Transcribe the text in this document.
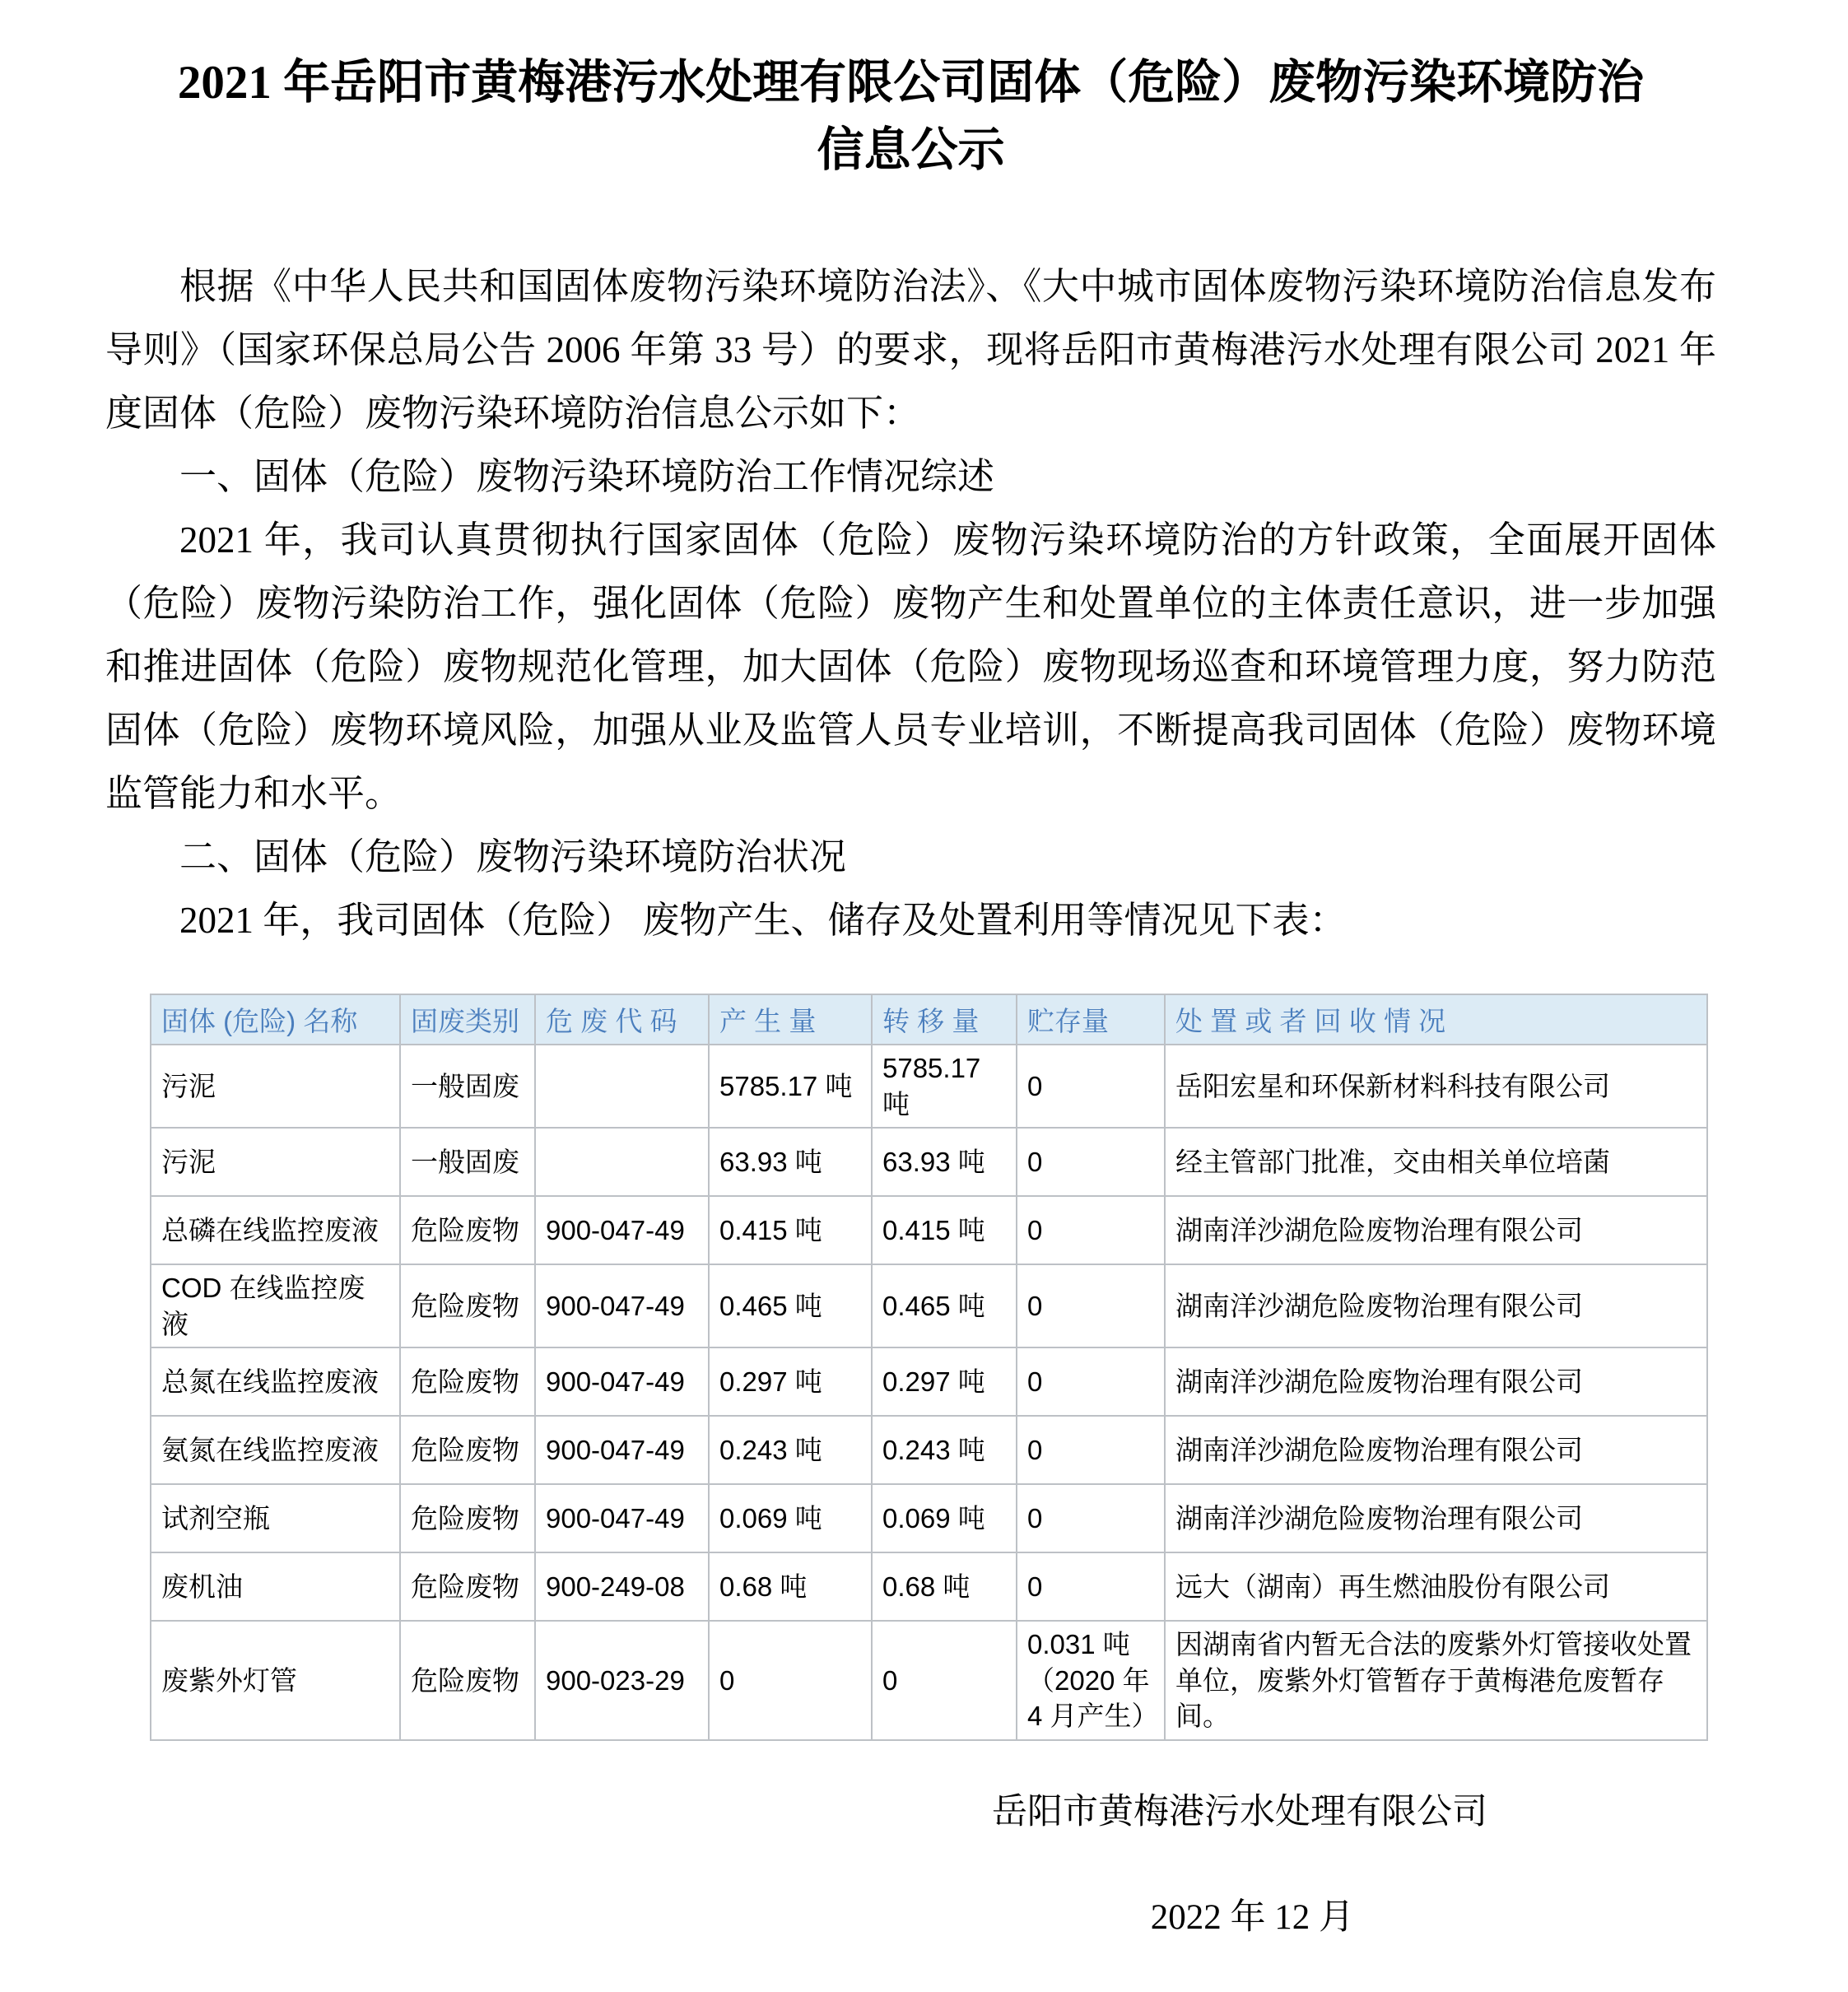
2021 年岳阳市黄梅港污水处理有限公司固体（危险）废物污染环境防治
信息公示

根据《中华人民共和国固体废物污染环境防治法》、《大中城市固体废物污染环境防治信息发布导则》（国家环保总局公告 2006 年第 33 号）的要求，现将岳阳市黄梅港污水处理有限公司 2021 年度固体（危险）废物污染环境防治信息公示如下：

一、固体（危险）废物污染环境防治工作情况综述

2021 年，我司认真贯彻执行国家固体（危险）废物污染环境防治的方针政策，全面展开固体（危险）废物污染防治工作，强化固体（危险）废物产生和处置单位的主体责任意识，进一步加强和推进固体（危险）废物规范化管理，加大固体（危险）废物现场巡查和环境管理力度，努力防范固体（危险）废物环境风险，加强从业及监管人员专业培训，不断提高我司固体（危险）废物环境监管能力和水平。

二、固体（危险）废物污染环境防治状况

2021 年，我司固体（危险） 废物产生、储存及处置利用等情况见下表：

固体 (危险) 名称	固废类别	危 废 代 码	产 生 量	转 移 量	贮存量	处 置 或 者 回 收 情 况
污泥	一般固废		5785.17 吨	5785.17 吨	0	岳阳宏星和环保新材料科技有限公司
污泥	一般固废		63.93 吨	63.93 吨	0	经主管部门批准，交由相关单位培菌
总磷在线监控废液	危险废物	900-047-49	0.415 吨	0.415 吨	0	湖南洋沙湖危险废物治理有限公司
COD 在线监控废液	危险废物	900-047-49	0.465 吨	0.465 吨	0	湖南洋沙湖危险废物治理有限公司
总氮在线监控废液	危险废物	900-047-49	0.297 吨	0.297 吨	0	湖南洋沙湖危险废物治理有限公司
氨氮在线监控废液	危险废物	900-047-49	0.243 吨	0.243 吨	0	湖南洋沙湖危险废物治理有限公司
试剂空瓶	危险废物	900-047-49	0.069 吨	0.069 吨	0	湖南洋沙湖危险废物治理有限公司
废机油	危险废物	900-249-08	0.68 吨	0.68 吨	0	远大（湖南）再生燃油股份有限公司
废紫外灯管	危险废物	900-023-29	0	0	0.031 吨（2020 年 4 月产生）	因湖南省内暂无合法的废紫外灯管接收处置单位，废紫外灯管暂存于黄梅港危废暂存间。
岳阳市黄梅港污水处理有限公司
2022 年 12 月
